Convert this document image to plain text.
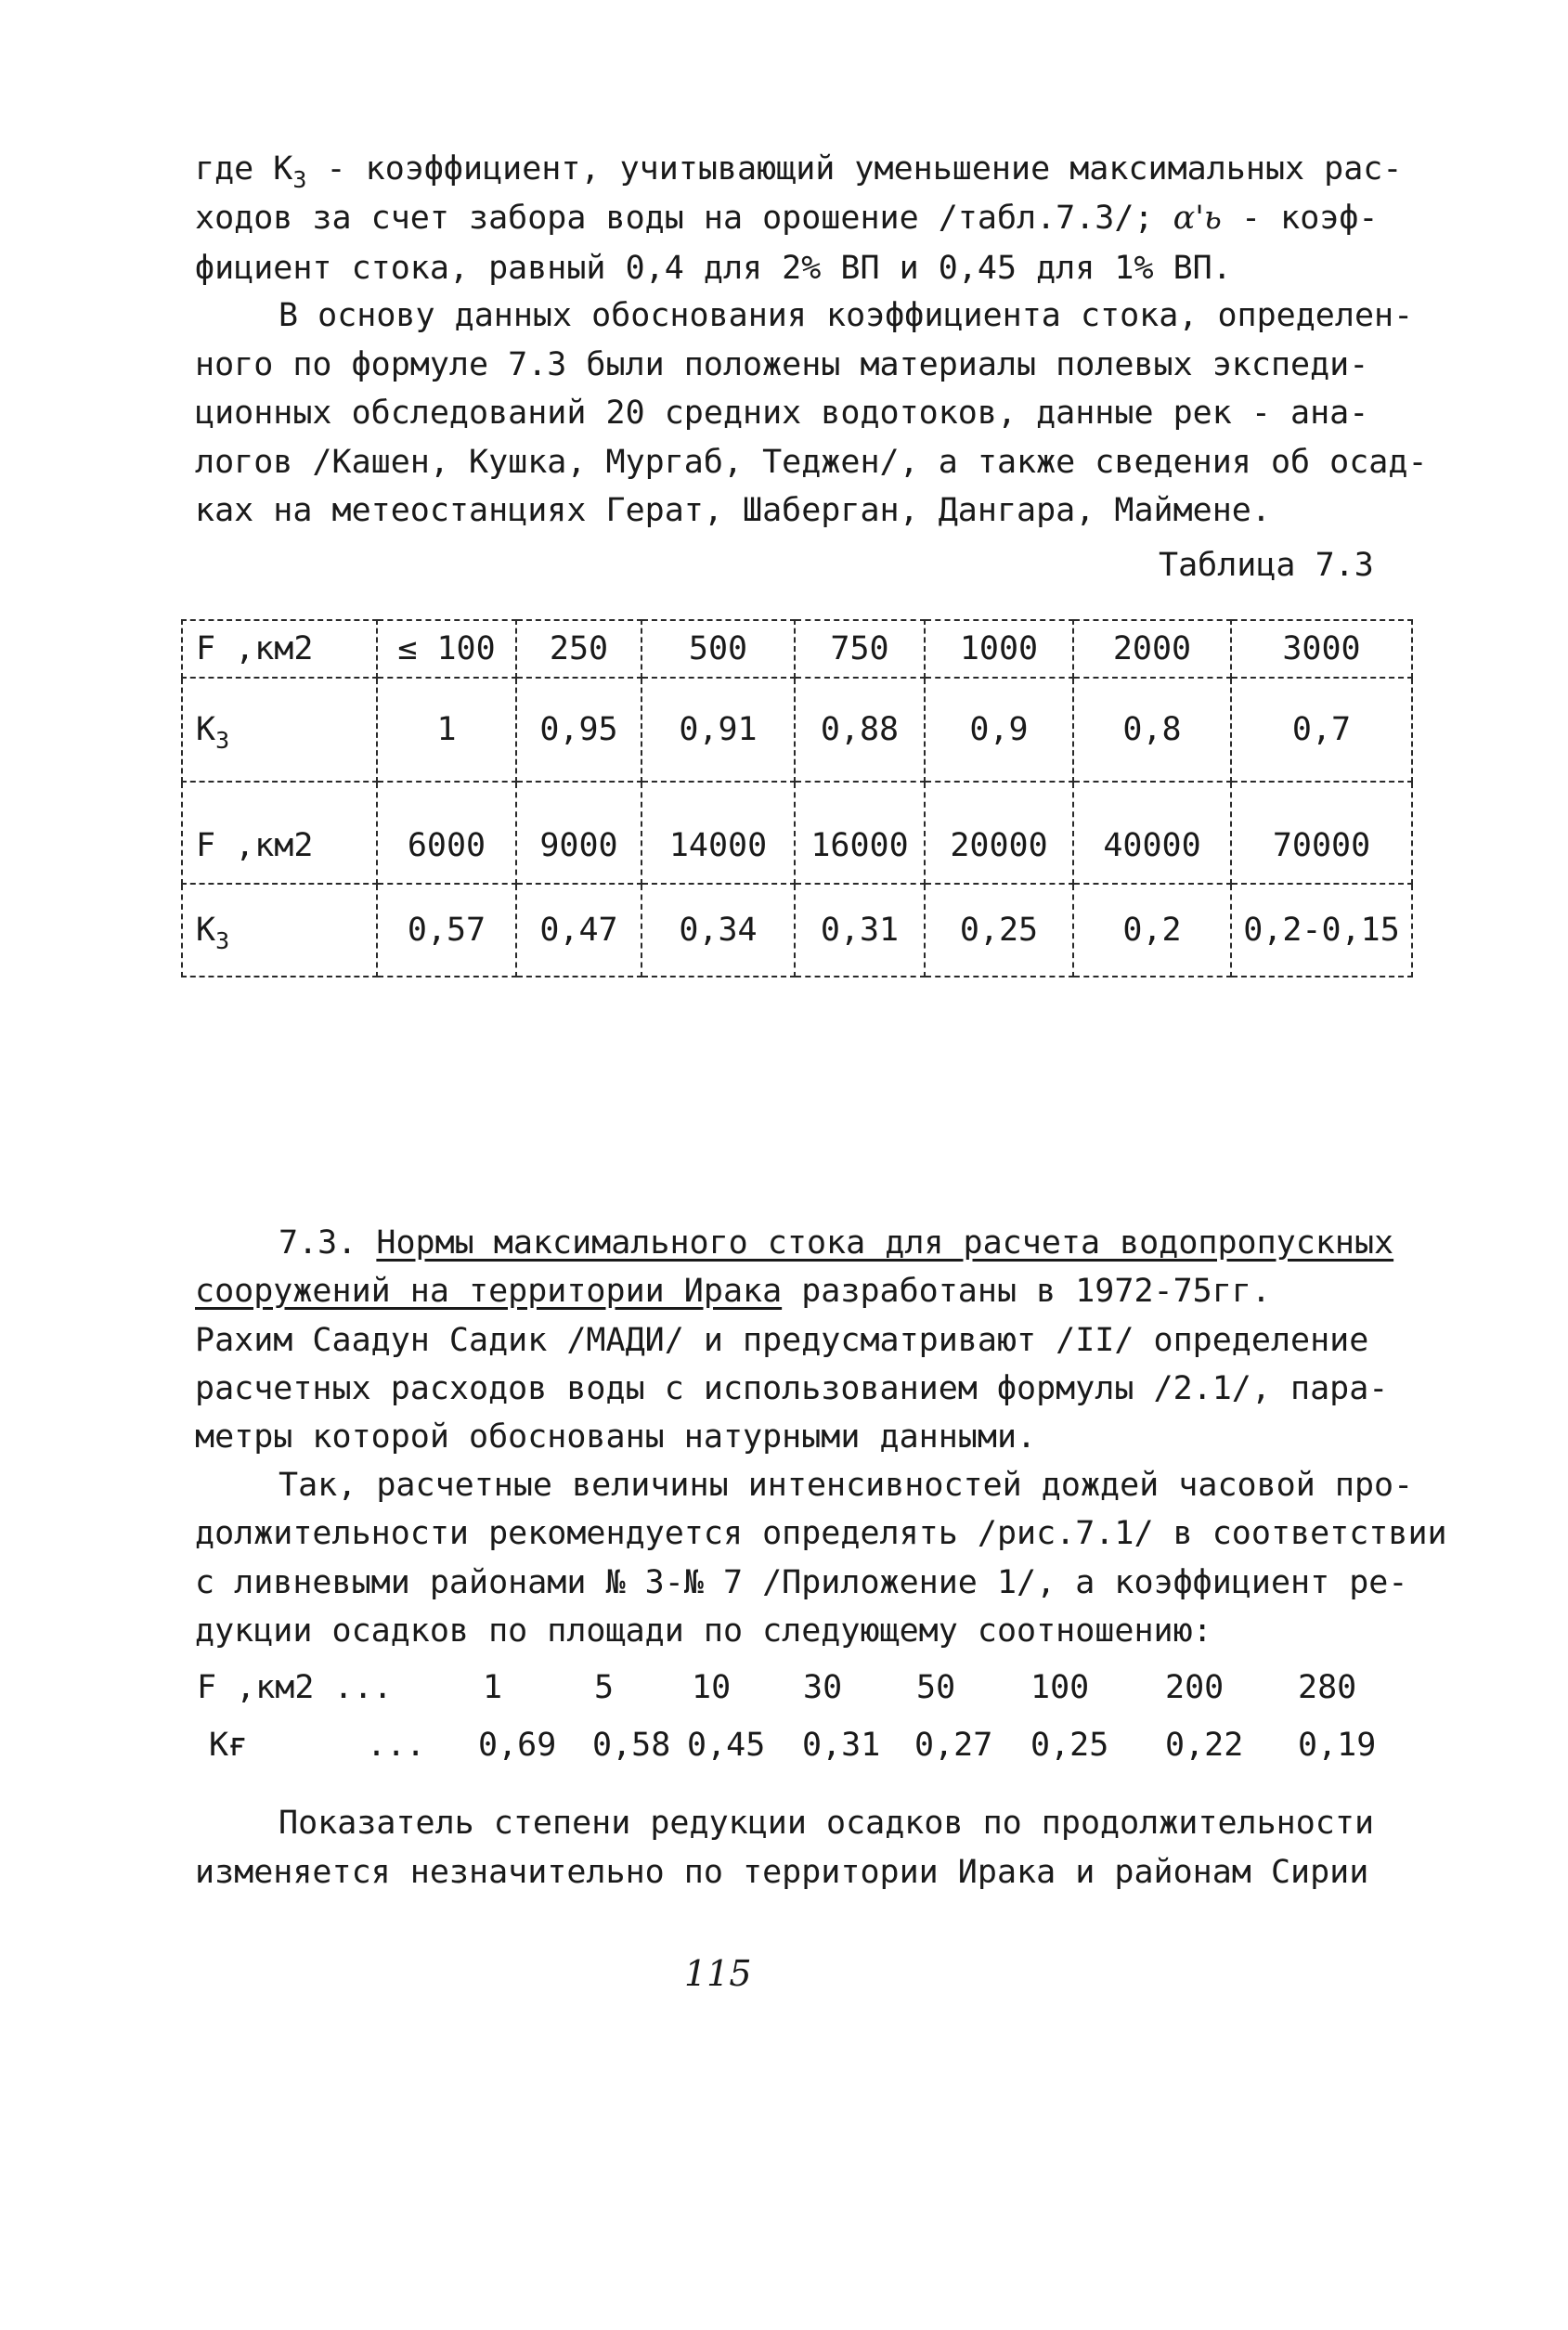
где $К_3$ - коэффициент, учитывающий уменьшение максимальных рас-

ходов за счет забора воды на орошение /табл.7.3/; α'ь - коэф-

фициент стока, равный 0,4 для 2% ВП и 0,45 для 1% ВП.

В основу данных обоснования коэффициента стока, определен-

ного по формуле 7.3 были положены материалы полевых экспеди-

ционных обследований 20 средних водотоков, данные рек - ана-

логов /Кашен, Кушка, Мургаб, Теджен/, а также сведения об осад-

ках на метеостанциях Герат, Шаберган, Дангара, Маймене.

Таблица 7.3

F ,км2	≤ 100	250	500	750	1000	2000	3000
$К_3$	1	0,95	0,91	0,88	0,9	0,8	0,7
F ,км2	6000	9000	14000	16000	20000	40000	70000
$К_3$	0,57	0,47	0,34	0,31	0,25	0,2	0,2-0,15

7.3. Нормы максимального стока для расчета водопропускных

сооружений на территории Ирака разработаны в 1972-75гг.

Рахим Саадун Садик /МАДИ/ и предусматривают /II/ определение

расчетных расходов воды с использованием формулы /2.1/, пара-

метры которой обоснованы натурными данными.

Так, расчетные величины интенсивностей дождей часовой про-

должительности рекомендуется определять /рис.7.1/ в соответствии

с ливневыми районами № 3-№ 7 /Приложение 1/, а коэффициент ре-

дукции осадков по площади по следующему соотношению:

F ,км2 ...	1	5 10 30 50 100 200 280
Кғ	... 0,69 0,58 0,45 0,31 0,27 0,25 0,22 0,19

Показатель степени редукции осадков по продолжительности

изменяется незначительно по территории Ирака и районам Сирии

115
